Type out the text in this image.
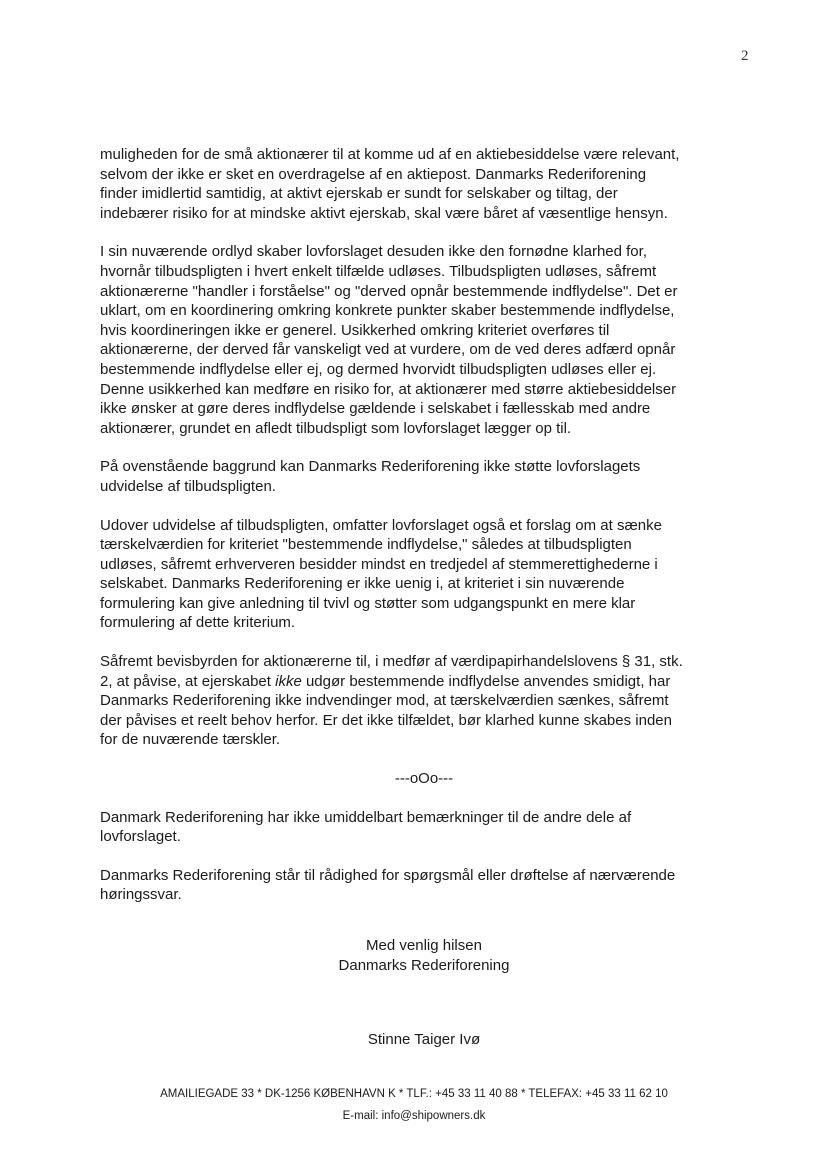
2

muligheden for de små aktionærer til at komme ud af en aktiebesiddelse være relevant,
selvom der ikke er sket en overdragelse af en aktiepost. Danmarks Rederiforening
finder imidlertid samtidig, at aktivt ejerskab er sundt for selskaber og tiltag, der
indebærer risiko for at mindske aktivt ejerskab, skal være båret af væsentlige hensyn.

I sin nuværende ordlyd skaber lovforslaget desuden ikke den fornødne klarhed for,
hvornår tilbudspligten i hvert enkelt tilfælde udløses. Tilbudspligten udløses, såfremt
aktionærerne "handler i forståelse" og "derved opnår bestemmende indflydelse". Det er
uklart, om en koordinering omkring konkrete punkter skaber bestemmende indflydelse,
hvis koordineringen ikke er generel. Usikkerhed omkring kriteriet overføres til
aktionærerne, der derved får vanskeligt ved at vurdere, om de ved deres adfærd opnår
bestemmende indflydelse eller ej, og dermed hvorvidt tilbudspligten udløses eller ej.
Denne usikkerhed kan medføre en risiko for, at aktionærer med større aktiebesiddelser
ikke ønsker at gøre deres indflydelse gældende i selskabet i fællesskab med andre
aktionærer, grundet en afledt tilbudspligt som lovforslaget lægger op til.

På ovenstående baggrund kan Danmarks Rederiforening ikke støtte lovforslagets
udvidelse af tilbudspligten.

Udover udvidelse af tilbudspligten, omfatter lovforslaget også et forslag om at sænke
tærskelværdien for kriteriet "bestemmende indflydelse," således at tilbudspligten
udløses, såfremt erhververen besidder mindst en tredjedel af stemmerettighederne i
selskabet. Danmarks Rederiforening er ikke uenig i, at kriteriet i sin nuværende
formulering kan give anledning til tvivl og støtter som udgangspunkt en mere klar
formulering af dette kriterium.

Såfremt bevisbyrden for aktionærerne til, i medfør af værdipapirhandelslovens § 31, stk.
2, at påvise, at ejerskabet ikke udgør bestemmende indflydelse anvendes smidigt, har
Danmarks Rederiforening ikke indvendinger mod, at tærskelværdien sænkes, såfremt
der påvises et reelt behov herfor. Er det ikke tilfældet, bør klarhed kunne skabes inden
for de nuværende tærskler.

---oOo---

Danmark Rederiforening har ikke umiddelbart bemærkninger til de andre dele af
lovforslaget.

Danmarks Rederiforening står til rådighed for spørgsmål eller drøftelse af nærværende
høringssvar.

Med venlig hilsen
Danmarks Rederiforening
Stinne Taiger Ivø
AMAILIEGADE 33 * DK-1256 KØBENHAVN K * TLF.: +45 33 11 40 88 * TELEFAX: +45 33 11 62 10
E-mail: info@shipowners.dk
